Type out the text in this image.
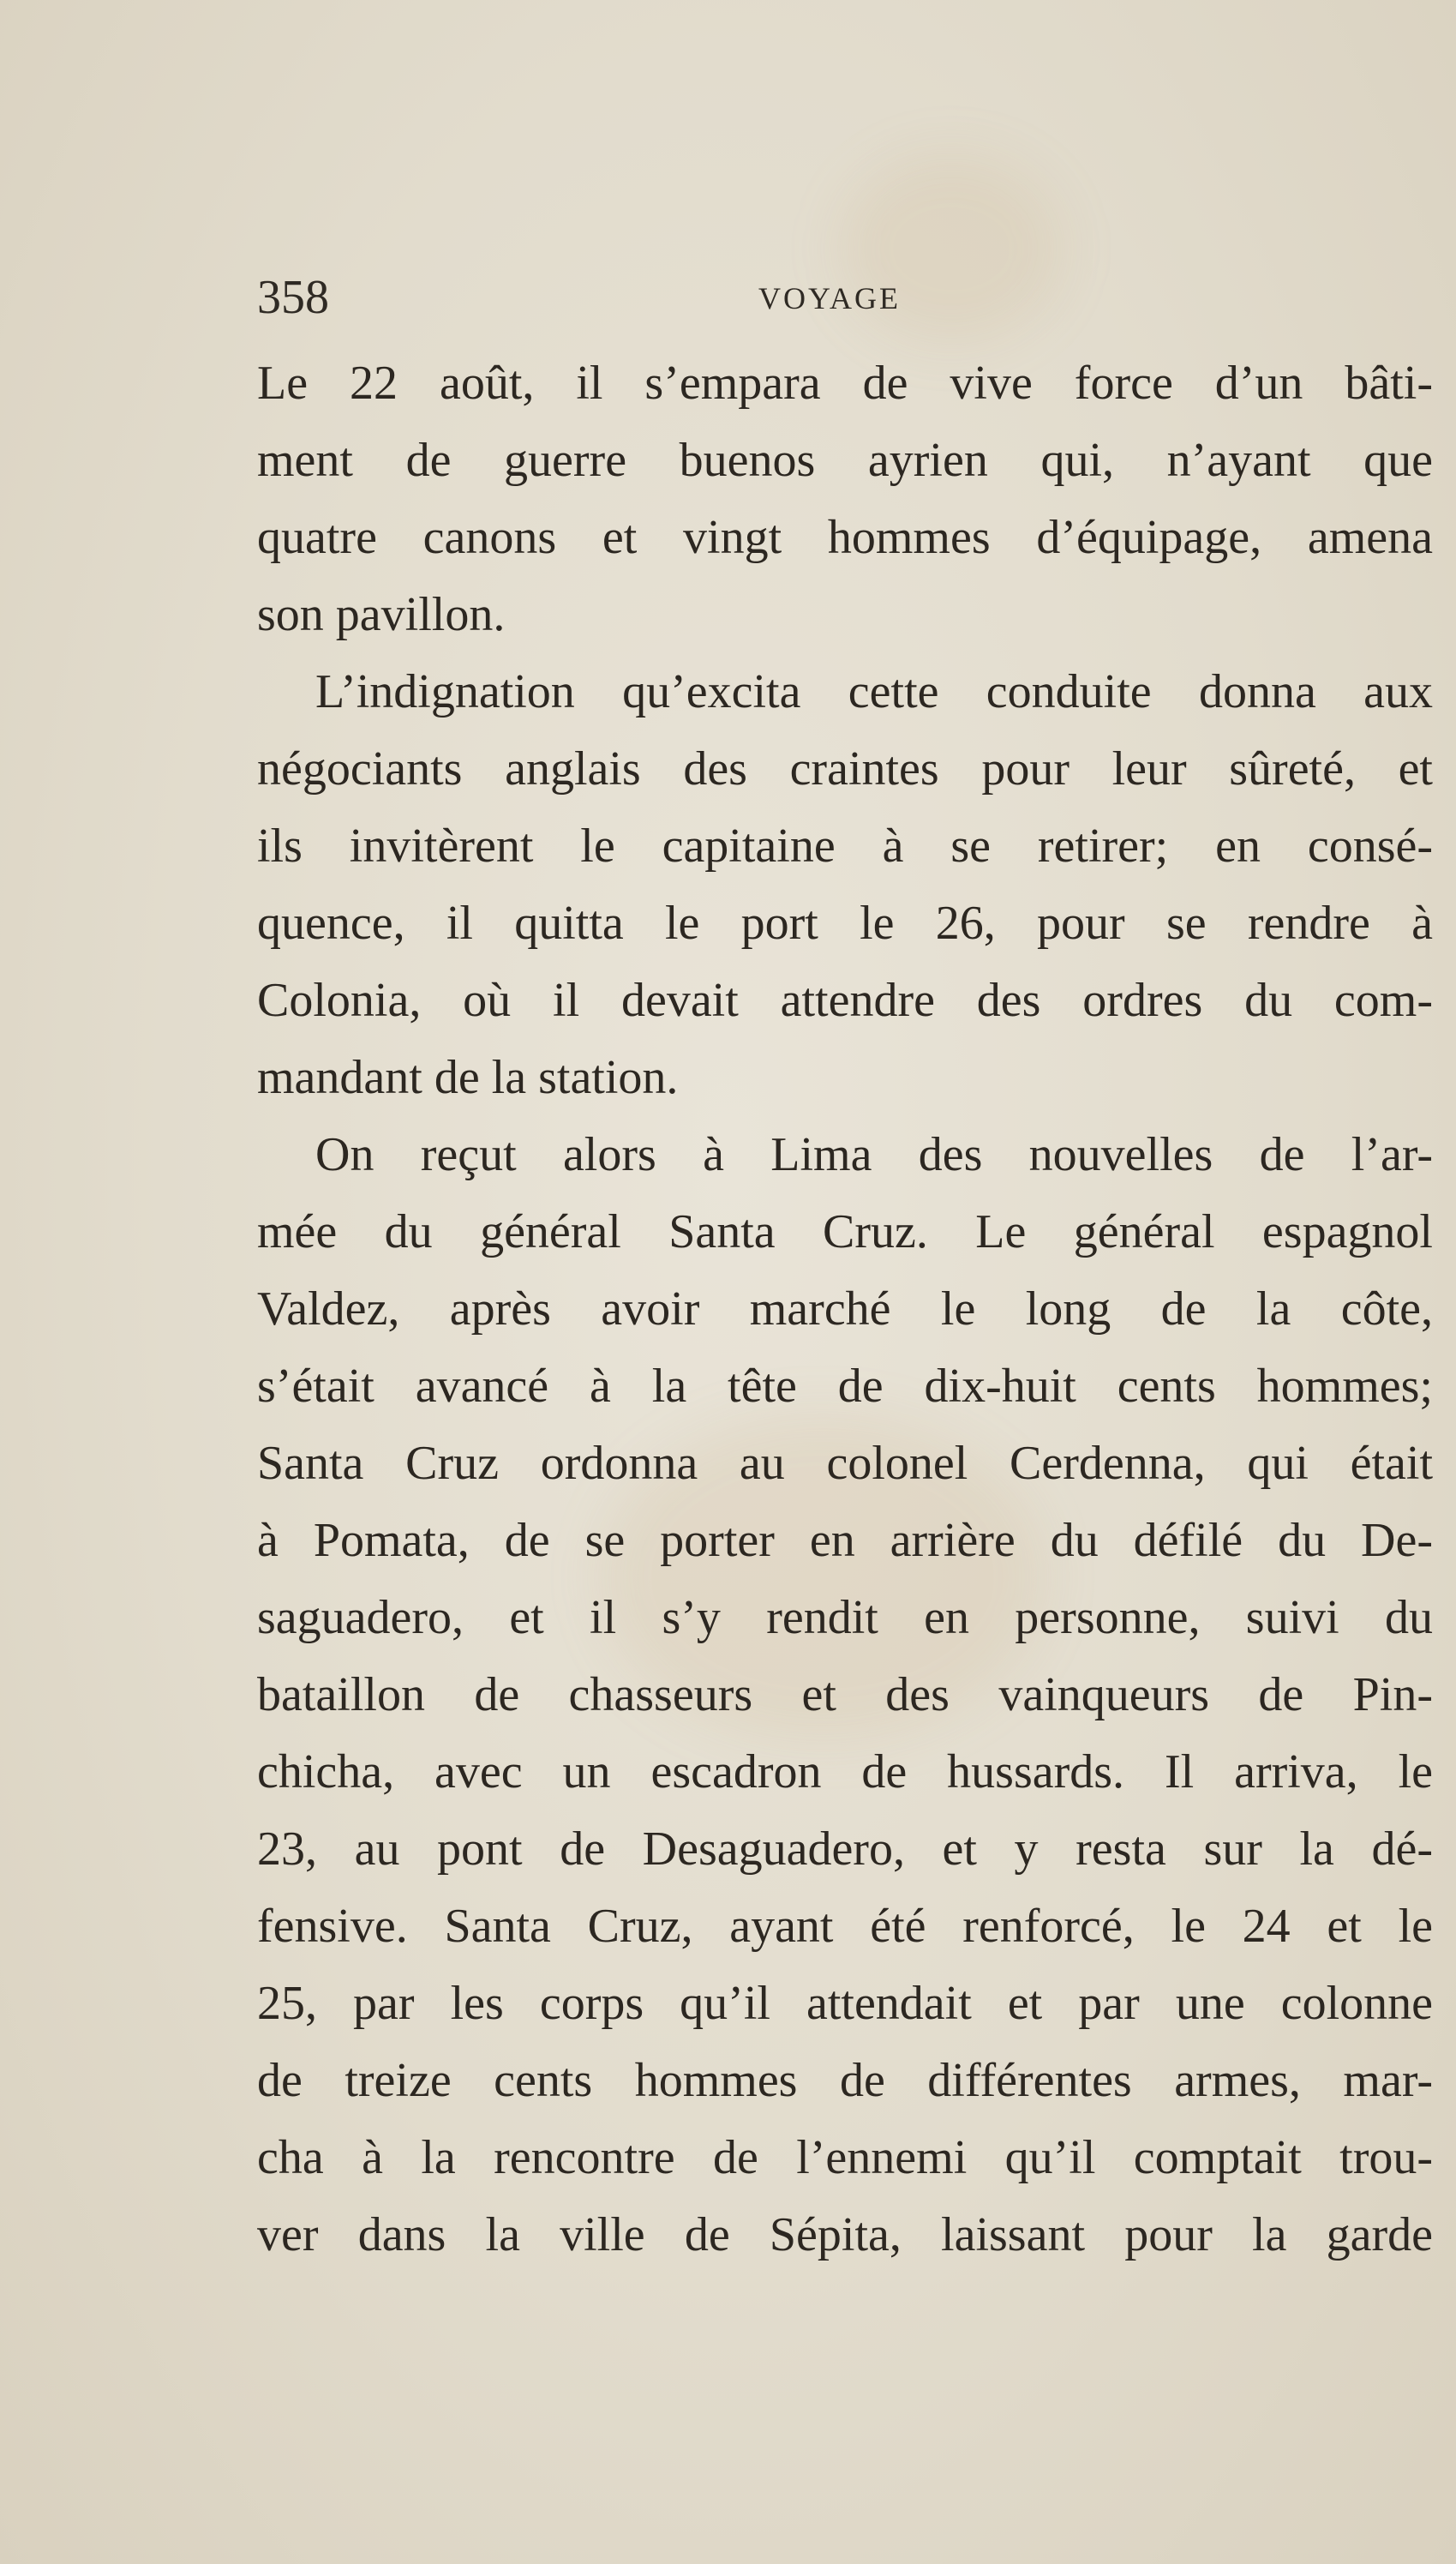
358	VOYAGE
Le 22 août, il s’empara de vive force d’un bâti-
ment de guerre buenos ayrien qui, n’ayant que
quatre canons et vingt hommes d’équipage, amena
son pavillon.
L’indignation qu’excita cette conduite donna aux
négociants anglais des craintes pour leur sûreté, et
ils invitèrent le capitaine à se retirer; en consé-
quence, il quitta le port le 26, pour se rendre à
Colonia, où il devait attendre des ordres du com-
mandant de la station.
On reçut alors à Lima des nouvelles de l’ar-
mée du général Santa Cruz. Le général espagnol
Valdez, après avoir marché le long de la côte,
s’était avancé à la tête de dix-huit cents hommes;
Santa Cruz ordonna au colonel Cerdenna, qui était
à Pomata, de se porter en arrière du défilé du De-
saguadero, et il s’y rendit en personne, suivi du
bataillon de chasseurs et des vainqueurs de Pin-
chicha, avec un escadron de hussards. Il arriva, le
23, au pont de Desaguadero, et y resta sur la dé-
fensive. Santa Cruz, ayant été renforcé, le 24 et le
25, par les corps qu’il attendait et par une colonne
de treize cents hommes de différentes armes, mar-
cha à la rencontre de l’ennemi qu’il comptait trou-
ver dans la ville de Sépita, laissant pour la garde
